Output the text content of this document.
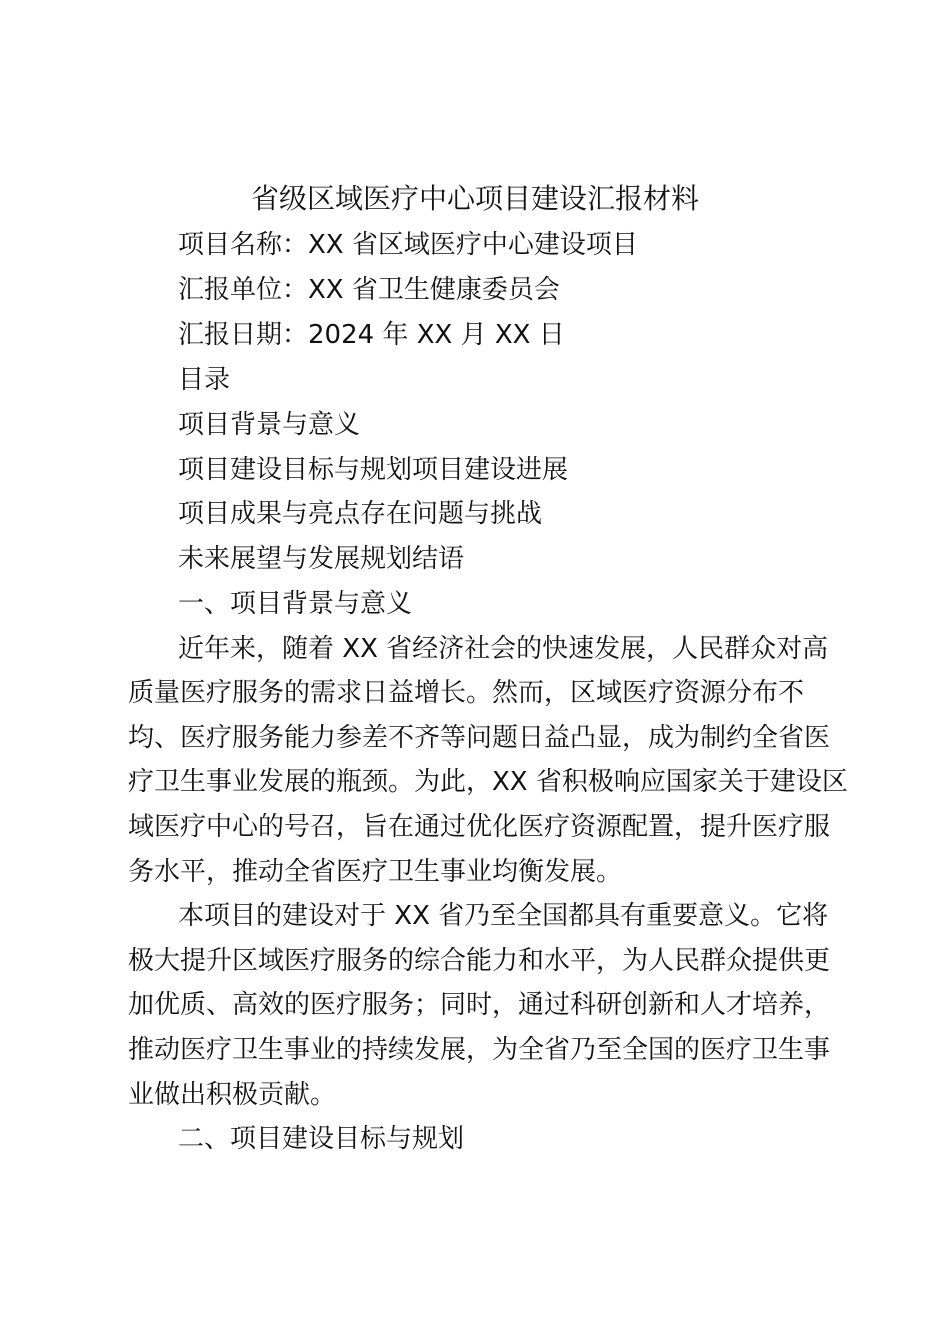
省级区域医疗中心项目建设汇报材料

项目名称：XX 省区域医疗中心建设项目

汇报单位：XX 省卫生健康委员会

汇报日期：2024 年 XX 月 XX 日

目录

项目背景与意义

项目建设目标与规划项目建设进展

项目成果与亮点存在问题与挑战

未来展望与发展规划结语

一、项目背景与意义

近年来，随着 XX 省经济社会的快速发展，人民群众对高

质量医疗服务的需求日益增长。然而，区域医疗资源分布不

均、医疗服务能力参差不齐等问题日益凸显，成为制约全省医

疗卫生事业发展的瓶颈。为此，XX 省积极响应国家关于建设区

域医疗中心的号召，旨在通过优化医疗资源配置，提升医疗服

务水平，推动全省医疗卫生事业均衡发展。

本项目的建设对于 XX 省乃至全国都具有重要意义。它将

极大提升区域医疗服务的综合能力和水平，为人民群众提供更

加优质、高效的医疗服务；同时，通过科研创新和人才培养，

推动医疗卫生事业的持续发展，为全省乃至全国的医疗卫生事

业做出积极贡献。

二、项目建设目标与规划
